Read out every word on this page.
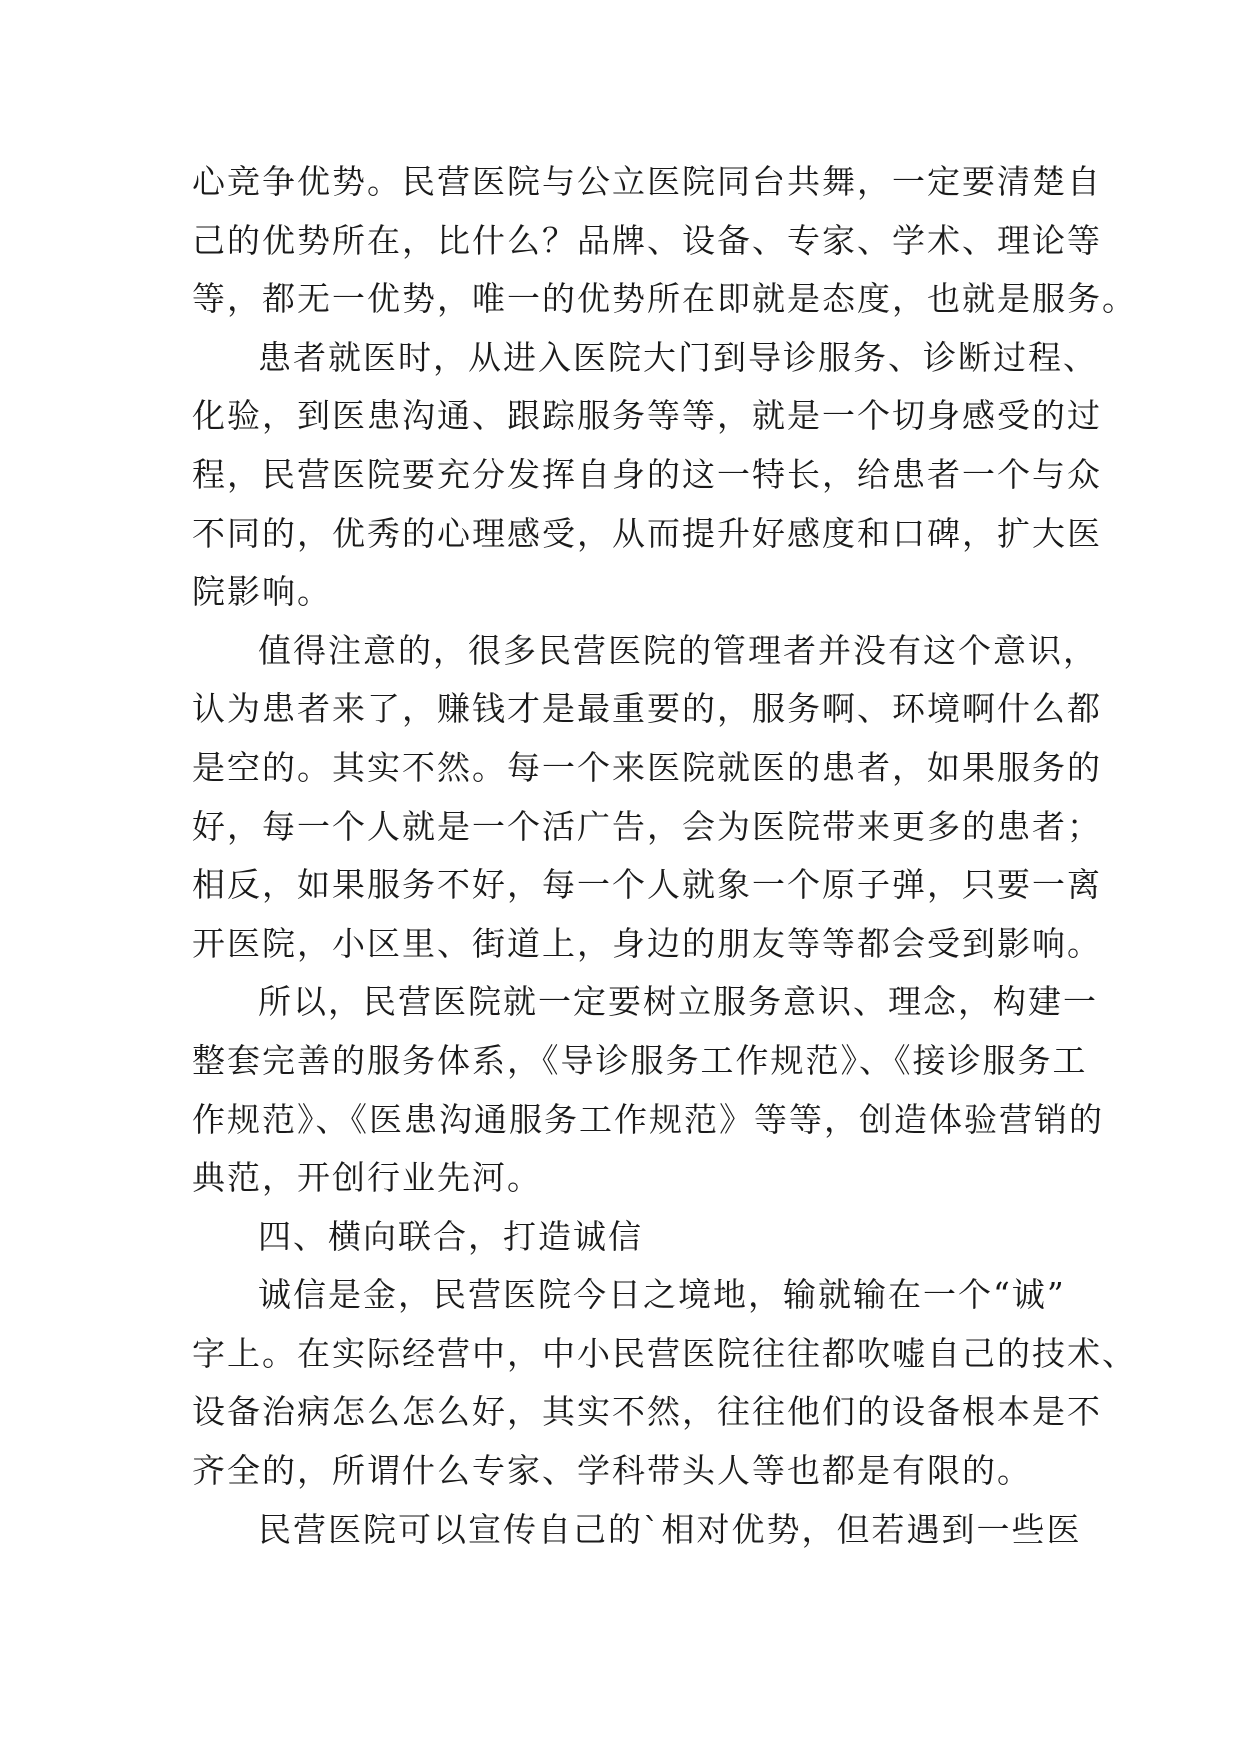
心竞争优势。民营医院与公立医院同台共舞，一定要清楚自
己的优势所在，比什么？品牌、设备、专家、学术、理论等
等，都无一优势，唯一的优势所在即就是态度，也就是服务。
患者就医时，从进入医院大门到导诊服务、诊断过程、
化验，到医患沟通、跟踪服务等等，就是一个切身感受的过
程，民营医院要充分发挥自身的这一特长，给患者一个与众
不同的，优秀的心理感受，从而提升好感度和口碑，扩大医
院影响。
值得注意的，很多民营医院的管理者并没有这个意识，
认为患者来了，赚钱才是最重要的，服务啊、环境啊什么都
是空的。其实不然。每一个来医院就医的患者，如果服务的
好，每一个人就是一个活广告，会为医院带来更多的患者；
相反，如果服务不好，每一个人就象一个原子弹，只要一离
开医院，小区里、街道上，身边的朋友等等都会受到影响。
所以，民营医院就一定要树立服务意识、理念，构建一
整套完善的服务体系，《导诊服务工作规范》、《接诊服务工
作规范》、《医患沟通服务工作规范》等等，创造体验营销的
典范，开创行业先河。
四、横向联合，打造诚信
诚信是金，民营医院今日之境地，输就输在一个“诚”
字上。在实际经营中，中小民营医院往往都吹嘘自己的技术、
设备治病怎么怎么好，其实不然，往往他们的设备根本是不
齐全的，所谓什么专家、学科带头人等也都是有限的。
民营医院可以宣传自己的`相对优势，但若遇到一些医
